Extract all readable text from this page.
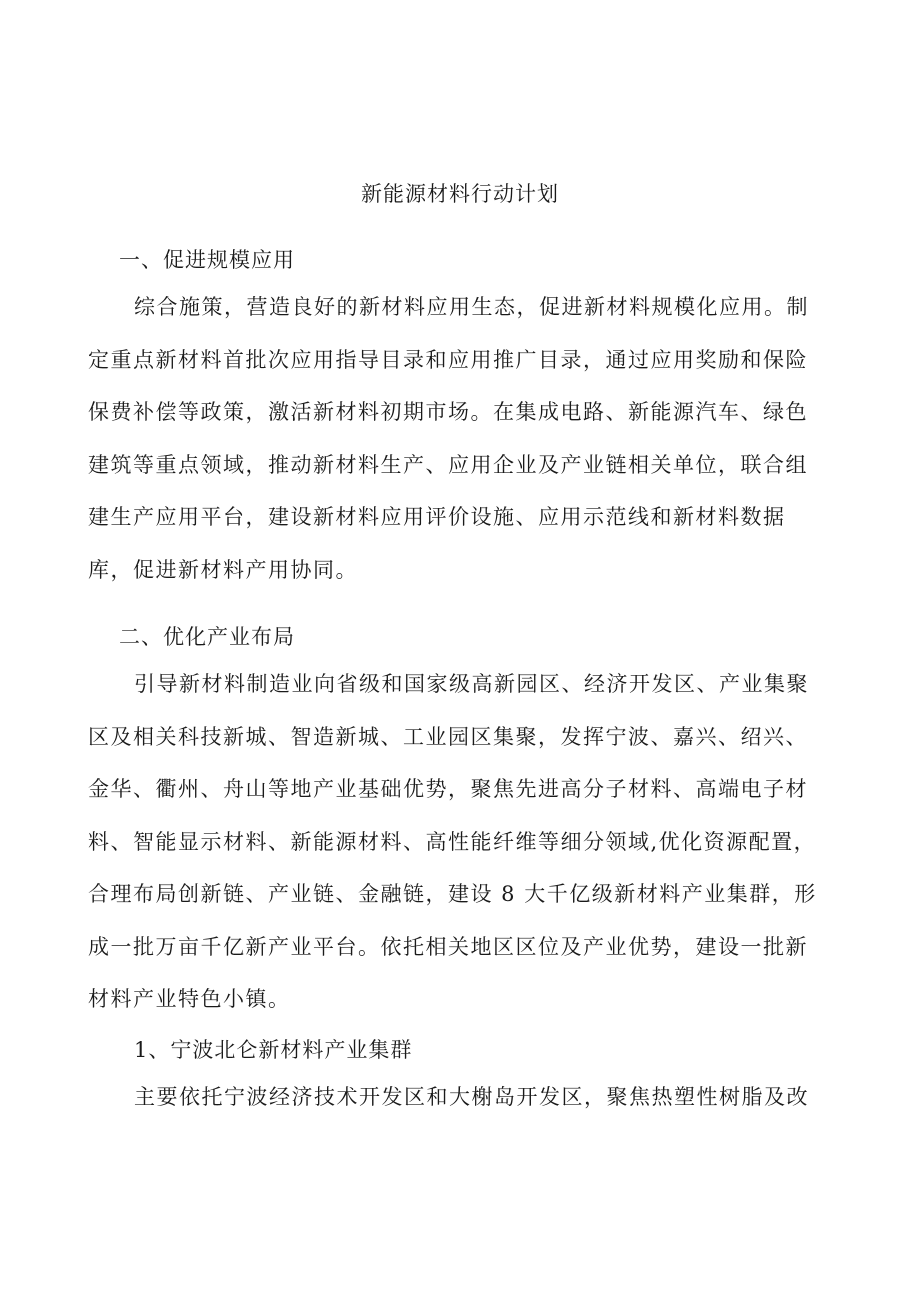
新能源材料行动计划
一、促进规模应用
综合施策，营造良好的新材料应用生态，促进新材料规模化应用。制
定重点新材料首批次应用指导目录和应用推广目录，通过应用奖励和保险
保费补偿等政策，激活新材料初期市场。在集成电路、新能源汽车、绿色
建筑等重点领域，推动新材料生产、应用企业及产业链相关单位，联合组
建生产应用平台，建设新材料应用评价设施、应用示范线和新材料数据
库，促进新材料产用协同。
二、优化产业布局
引导新材料制造业向省级和国家级高新园区、经济开发区、产业集聚
区及相关科技新城、智造新城、工业园区集聚，发挥宁波、嘉兴、绍兴、
金华、衢州、舟山等地产业基础优势，聚焦先进高分子材料、高端电子材
料、智能显示材料、新能源材料、高性能纤维等细分领域,优化资源配置，
合理布局创新链、产业链、金融链，建设 8 大千亿级新材料产业集群，形
成一批万亩千亿新产业平台。依托相关地区区位及产业优势，建设一批新
材料产业特色小镇。
1、宁波北仑新材料产业集群
主要依托宁波经济技术开发区和大榭岛开发区，聚焦热塑性树脂及改
